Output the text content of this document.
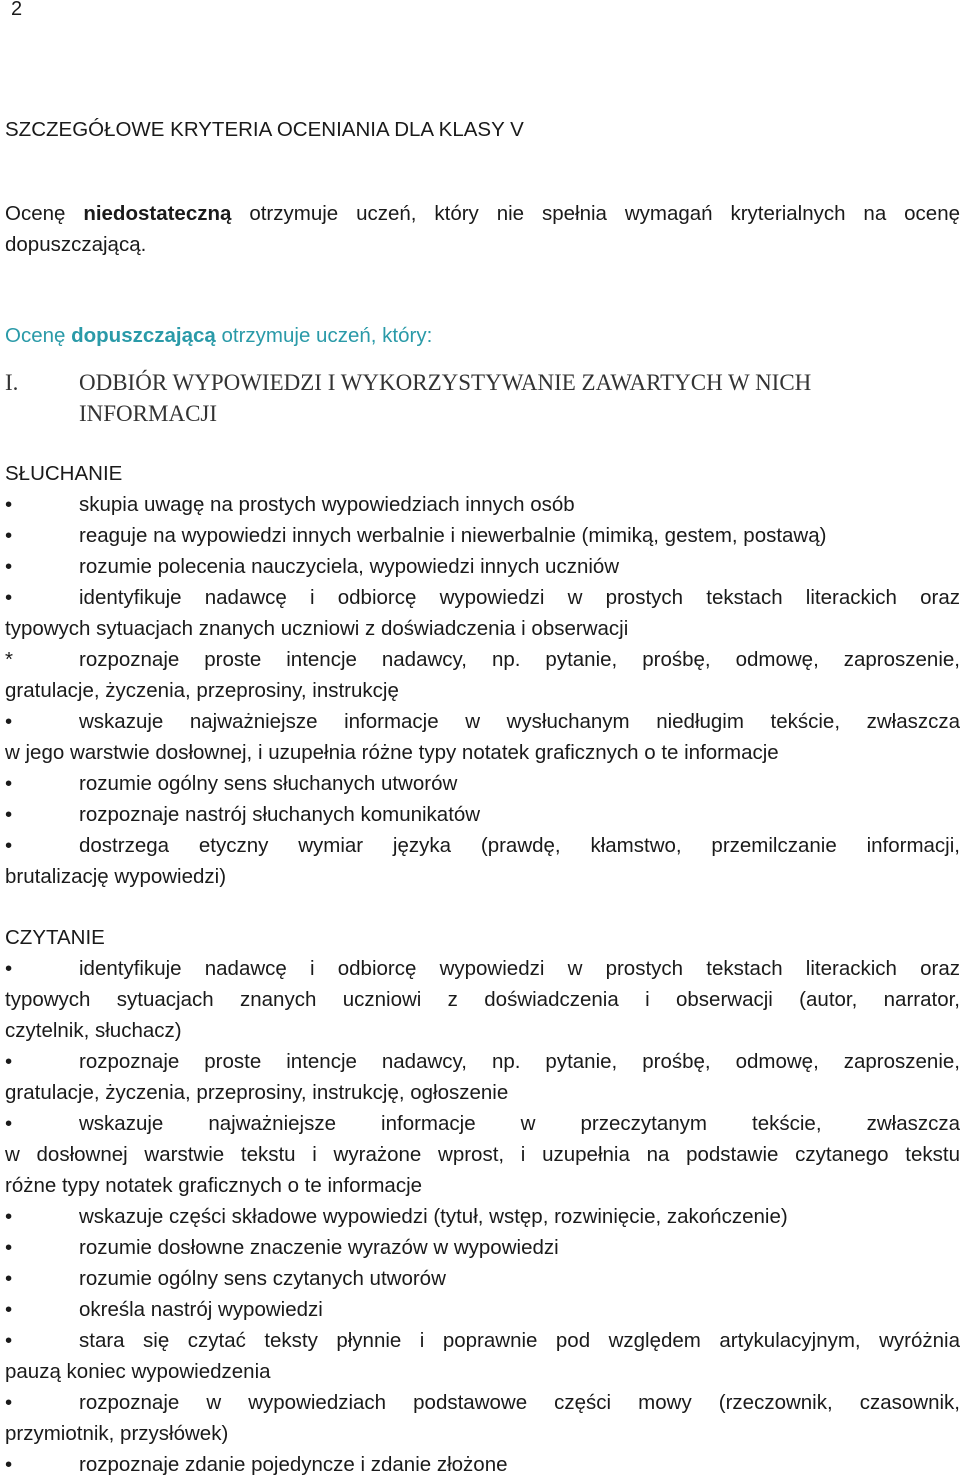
2
SZCZEGÓŁOWE KRYTERIA OCENIANIA DLA KLASY V
Ocenę niedostateczną otrzymuje uczeń, który nie spełnia wymagań kryterialnych na ocenę dopuszczającą.
Ocenę dopuszczającą otrzymuje uczeń, który:
I.	ODBIÓR WYPOWIEDZI I WYKORZYSTYWANIE ZAWARTYCH W NICH
INFORMACJI
SŁUCHANIE
•	skupia uwagę na prostych wypowiedziach innych osób
•	reaguje na wypowiedzi innych werbalnie i niewerbalnie (mimiką, gestem, postawą)
•	rozumie polecenia nauczyciela, wypowiedzi innych uczniów
•	identyfikuje nadawcę i odbiorcę wypowiedzi w prostych tekstach literackich oraz
typowych sytuacjach znanych uczniowi z doświadczenia i obserwacji
*	rozpoznaje proste intencje nadawcy, np. pytanie, prośbę, odmowę, zaproszenie,
gratulacje, życzenia, przeprosiny, instrukcję
•	wskazuje najważniejsze informacje w wysłuchanym niedługim tekście, zwłaszcza
w jego warstwie dosłownej, i uzupełnia różne typy notatek graficznych o te informacje
•	rozumie ogólny sens słuchanych utworów
•	rozpoznaje nastrój słuchanych komunikatów
•	dostrzega etyczny wymiar języka (prawdę, kłamstwo, przemilczanie informacji,
brutalizację wypowiedzi)
CZYTANIE
•	identyfikuje nadawcę i odbiorcę wypowiedzi w prostych tekstach literackich oraz
typowych sytuacjach znanych uczniowi z doświadczenia i obserwacji (autor, narrator,
czytelnik, słuchacz)
•	rozpoznaje proste intencje nadawcy, np. pytanie, prośbę, odmowę, zaproszenie,
gratulacje, życzenia, przeprosiny, instrukcję, ogłoszenie
•	wskazuje najważniejsze informacje w przeczytanym tekście, zwłaszcza
w dosłownej warstwie tekstu i wyrażone wprost, i uzupełnia na podstawie czytanego tekstu
różne typy notatek graficznych o te informacje
•	wskazuje części składowe wypowiedzi (tytuł, wstęp, rozwinięcie, zakończenie)
•	rozumie dosłowne znaczenie wyrazów w wypowiedzi
•	rozumie ogólny sens czytanych utworów
•	określa nastrój wypowiedzi
•	stara się czytać teksty płynnie i poprawnie pod względem artykulacyjnym, wyróżnia
pauzą koniec wypowiedzenia
•	rozpoznaje w wypowiedziach podstawowe części mowy (rzeczownik, czasownik,
przymiotnik, przysłówek)
•	rozpoznaje zdanie pojedyncze i zdanie złożone
